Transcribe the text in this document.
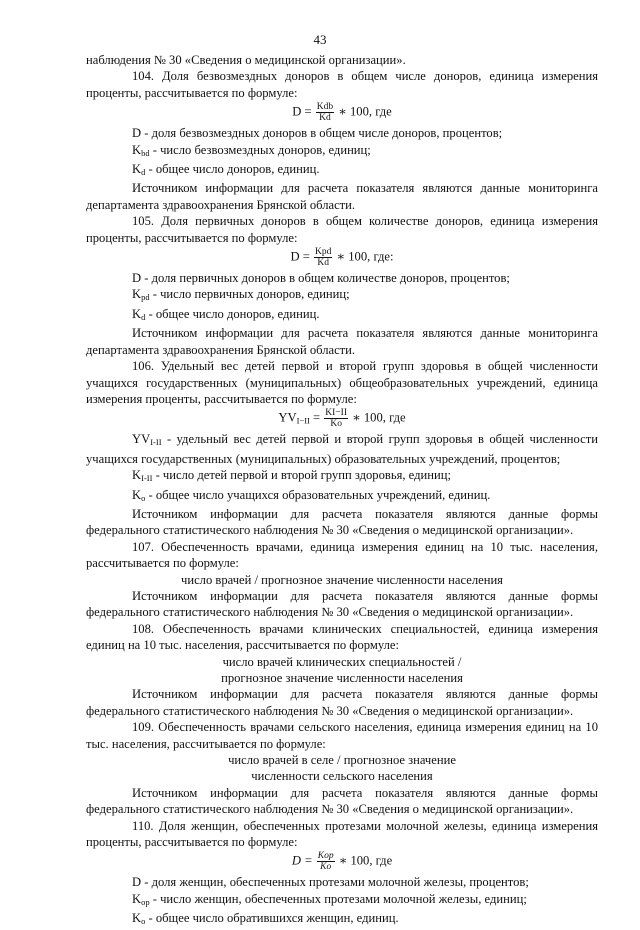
43

наблюдения № 30 «Сведения о медицинской организации».

104. Доля безвозмездных доноров в общем числе доноров, единица измерения проценты, рассчитывается по формуле:

$D = \frac{\text{Kdb}}{Kd}$ ∗ 100, где

D - доля безвозмездных доноров в общем числе доноров, процентов;

$K_{bd}$ - число безвозмездных доноров, единиц;

$K_d$ - общее число доноров, единиц.

Источником информации для расчета показателя являются данные мониторинга департамента здравоохранения Брянской области.

105. Доля первичных доноров в общем количестве доноров, единица измерения проценты, рассчитывается по формуле:

$D = \frac{\text{Kpd}}{Kd}$ ∗ 100, где:

D - доля первичных доноров в общем количестве доноров, процентов;

$K_{pd}$ - число первичных доноров, единиц;

$K_d$ - общее число доноров, единиц.

Источником информации для расчета показателя являются данные мониторинга департамента здравоохранения Брянской области.

106. Удельный вес детей первой и второй групп здоровья в общей численности учащихся государственных (муниципальных) общеобразовательных учреждений, единица измерения проценты, рассчитывается по формуле:

$YV_{I-II} = \frac{KI-II}{Ko}$ ∗ 100, где

$YV_{I-II}$ - удельный вес детей первой и второй групп здоровья в общей численности учащихся государственных (муниципальных) образовательных учреждений, процентов;

$K_{I-II}$ - число детей первой и второй групп здоровья, единиц;

$K_o$ - общее число учащихся образовательных учреждений, единиц.

Источником информации для расчета показателя являются данные формы федерального статистического наблюдения № 30 «Сведения о медицинской организации».

107. Обеспеченность врачами, единица измерения единиц на 10 тыс. населения, рассчитывается по формуле:

число врачей / прогнозное значение численности населения

Источником информации для расчета показателя являются данные формы федерального статистического наблюдения № 30 «Сведения о медицинской организации».

108. Обеспеченность врачами клинических специальностей, единица измерения единиц на 10 тыс. населения, рассчитывается по формуле:

число врачей клинических специальностей /

прогнозное значение численности населения

Источником информации для расчета показателя являются данные формы федерального статистического наблюдения № 30 «Сведения о медицинской организации».

109. Обеспеченность врачами сельского населения, единица измерения единиц на 10 тыс. населения, рассчитывается по формуле:

число врачей в селе / прогнозное значение

численности сельского населения

Источником информации для расчета показателя являются данные формы федерального статистического наблюдения № 30 «Сведения о медицинской организации».

110. Доля женщин, обеспеченных протезами молочной железы, единица измерения проценты, рассчитывается по формуле:

$D = \frac{\text{Kop}}{Ko}$ ∗ 100, где

D - доля женщин, обеспеченных протезами молочной железы, процентов;

$K_{op}$ - число женщин, обеспеченных протезами молочной железы, единиц;

$K_o$ - общее число обратившихся женщин, единиц.
